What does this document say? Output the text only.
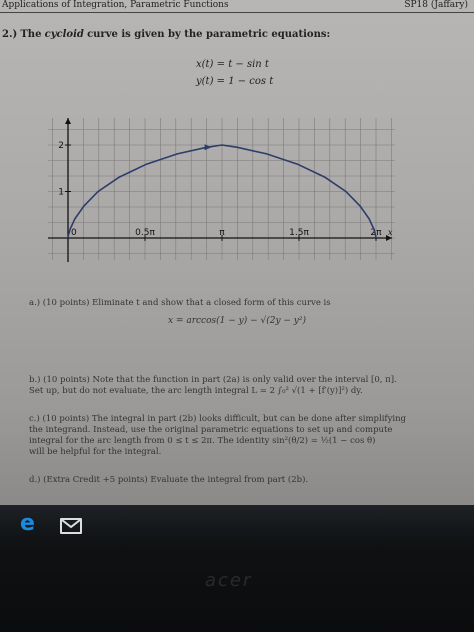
Applications of Integration, Parametric Functions	SP18 (Jaffary)
2.) The cycloid curve is given by the parametric equations:
x(t) = t − sin t
y(t) = 1 − cos t
0	0.5π	π	1.5π	2π
1
2
x
a.) (10 points) Eliminate t and show that a closed form of this curve is
x = arccos(1 − y) − √(2y − y²)
b.) (10 points) Note that the function in part (2a) is only valid over the interval [0, π].
Set up, but do not evaluate, the arc length integral L = 2 ∫₀² √(1 + [f′(y)]²) dy.
c.) (10 points) The integral in part (2b) looks difficult, but can be done after simplifying
the integrand. Instead, use the original parametric equations to set up and compute
integral for the arc length from 0 ≤ t ≤ 2π. The identity sin²(θ/2) = ½(1 − cos θ)
will be helpful for the integral.
d.) (Extra Credit +5 points) Evaluate the integral from part (2b).
e
acer
